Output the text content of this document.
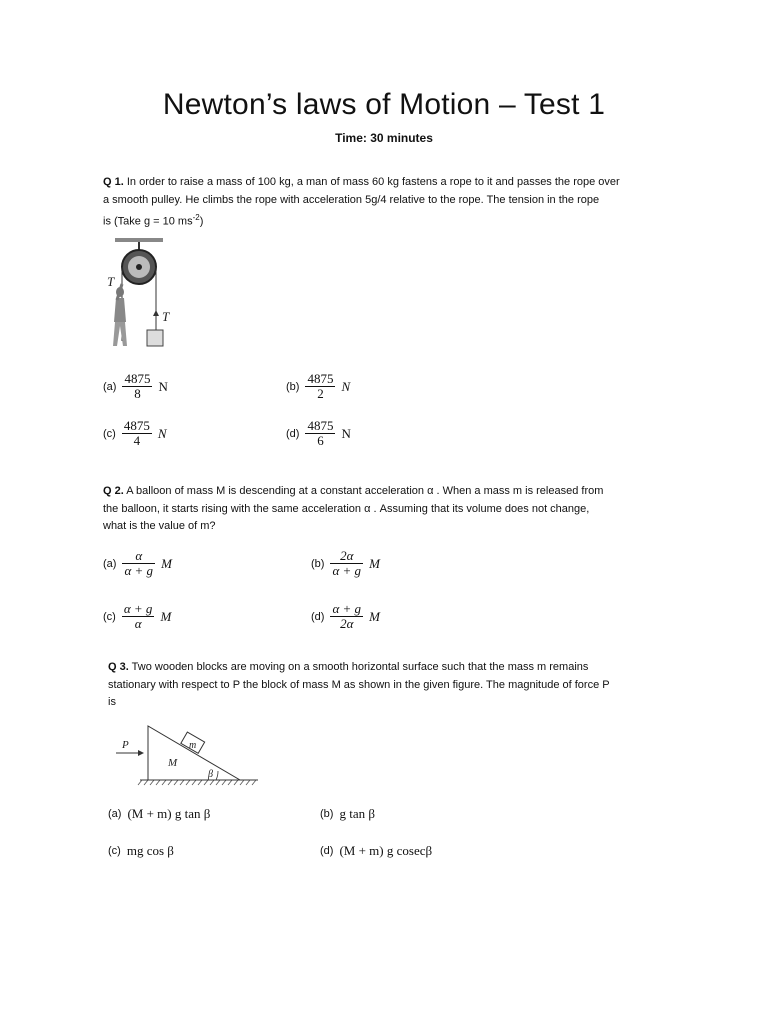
Newton’s laws of Motion – Test 1
Time: 30 minutes
Q 1. In order to raise a mass of 100 kg, a man of mass 60 kg fastens a rope to it and passes the rope over
a smooth pulley. He climbs the rope with acceleration 5g/4 relative to the rope. The tension in the rope
is (Take g = 10 $ms^{-2}$)
T
T
$(a) \frac{4875}{8}$ N	$(b) \frac{4875}{2}$ N
$(c) \frac{4875}{4}$ N	$(d) \frac{4875}{6}$ N
Q 2. A balloon of mass M is descending at a constant acceleration α . When a mass m is released from
the balloon, it starts rising with the same acceleration α . Assuming that its volume does not change,
what is the value of m?
$(a) \frac{\alpha}{\alpha + g}$ M	$(b) \frac{2\alpha}{\alpha + g}$ M
$(c) \frac{\alpha + g}{\alpha}$ M	$(d) \frac{\alpha + g}{2\alpha}$ M
Q 3. Two wooden blocks are moving on a smooth horizontal surface such that the mass m remains
stationary with respect to P the block of mass M as shown in the given figure. The magnitude of force P
is
P
M
m
β
(a) (M + m) g tan β	(b) g tan β
(c) mg cos β	(d) (M + m) g cosecβ
